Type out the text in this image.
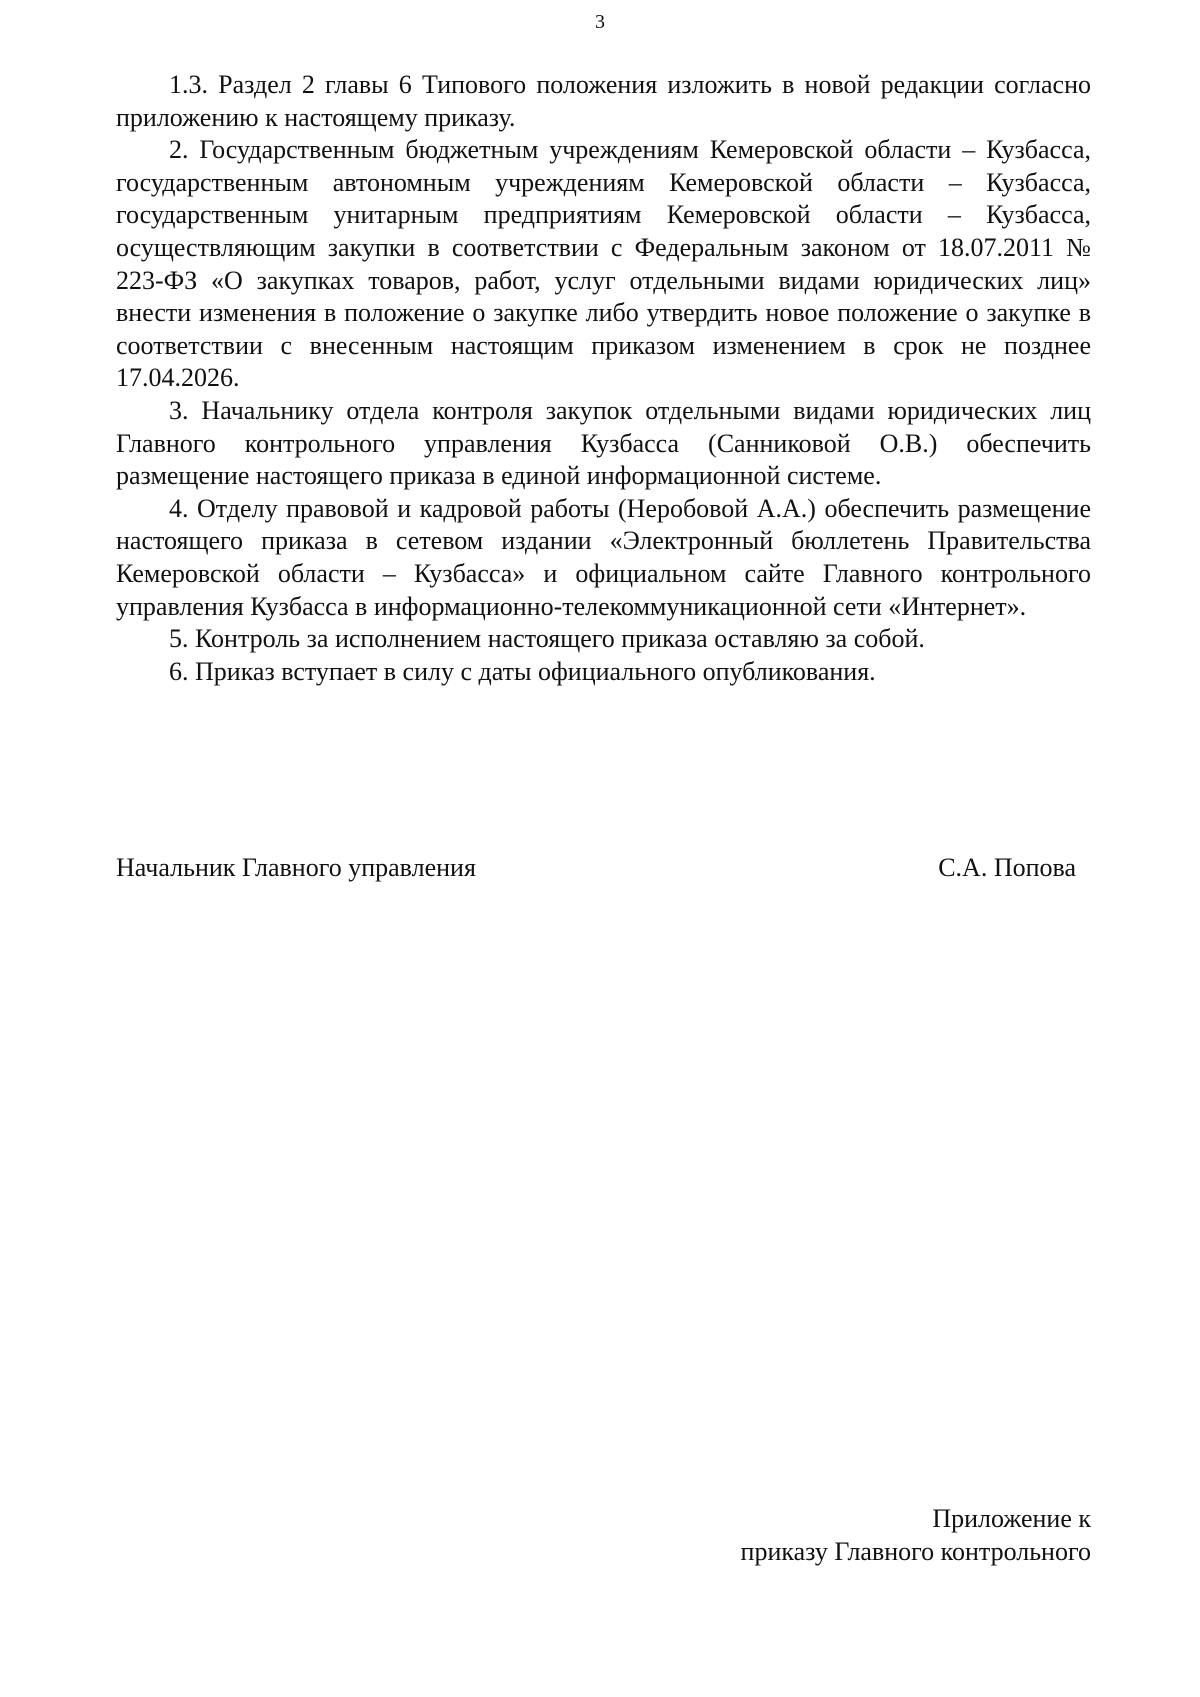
3

1.3. Раздел 2 главы 6 Типового положения изложить в новой редакции согласно приложению к настоящему приказу.

2. Государственным бюджетным учреждениям Кемеровской области – Кузбасса, государственным автономным учреждениям Кемеровской области – Кузбасса, государственным унитарным предприятиям Кемеровской области – Кузбасса, осуществляющим закупки в соответствии с Федеральным законом от 18.07.2011 № 223-ФЗ «О закупках товаров, работ, услуг отдельными видами юридических лиц» внести изменения в положение о закупке либо утвердить новое положение о закупке в соответствии с внесенным настоящим приказом изменением в срок не позднее 17.04.2026.

3. Начальнику отдела контроля закупок отдельными видами юридических лиц Главного контрольного управления Кузбасса (Санниковой О.В.) обеспечить размещение настоящего приказа в единой информационной системе.

4. Отделу правовой и кадровой работы (Неробовой А.А.) обеспечить размещение настоящего приказа в сетевом издании «Электронный бюллетень Правительства Кемеровской области – Кузбасса» и официальном сайте Главного контрольного управления Кузбасса в информационно-телекоммуникационной сети «Интернет».

5. Контроль за исполнением настоящего приказа оставляю за собой.

6. Приказ вступает в силу с даты официального опубликования.

Начальник Главного управления	С.А. Попова
Приложение к
приказу Главного контрольного
